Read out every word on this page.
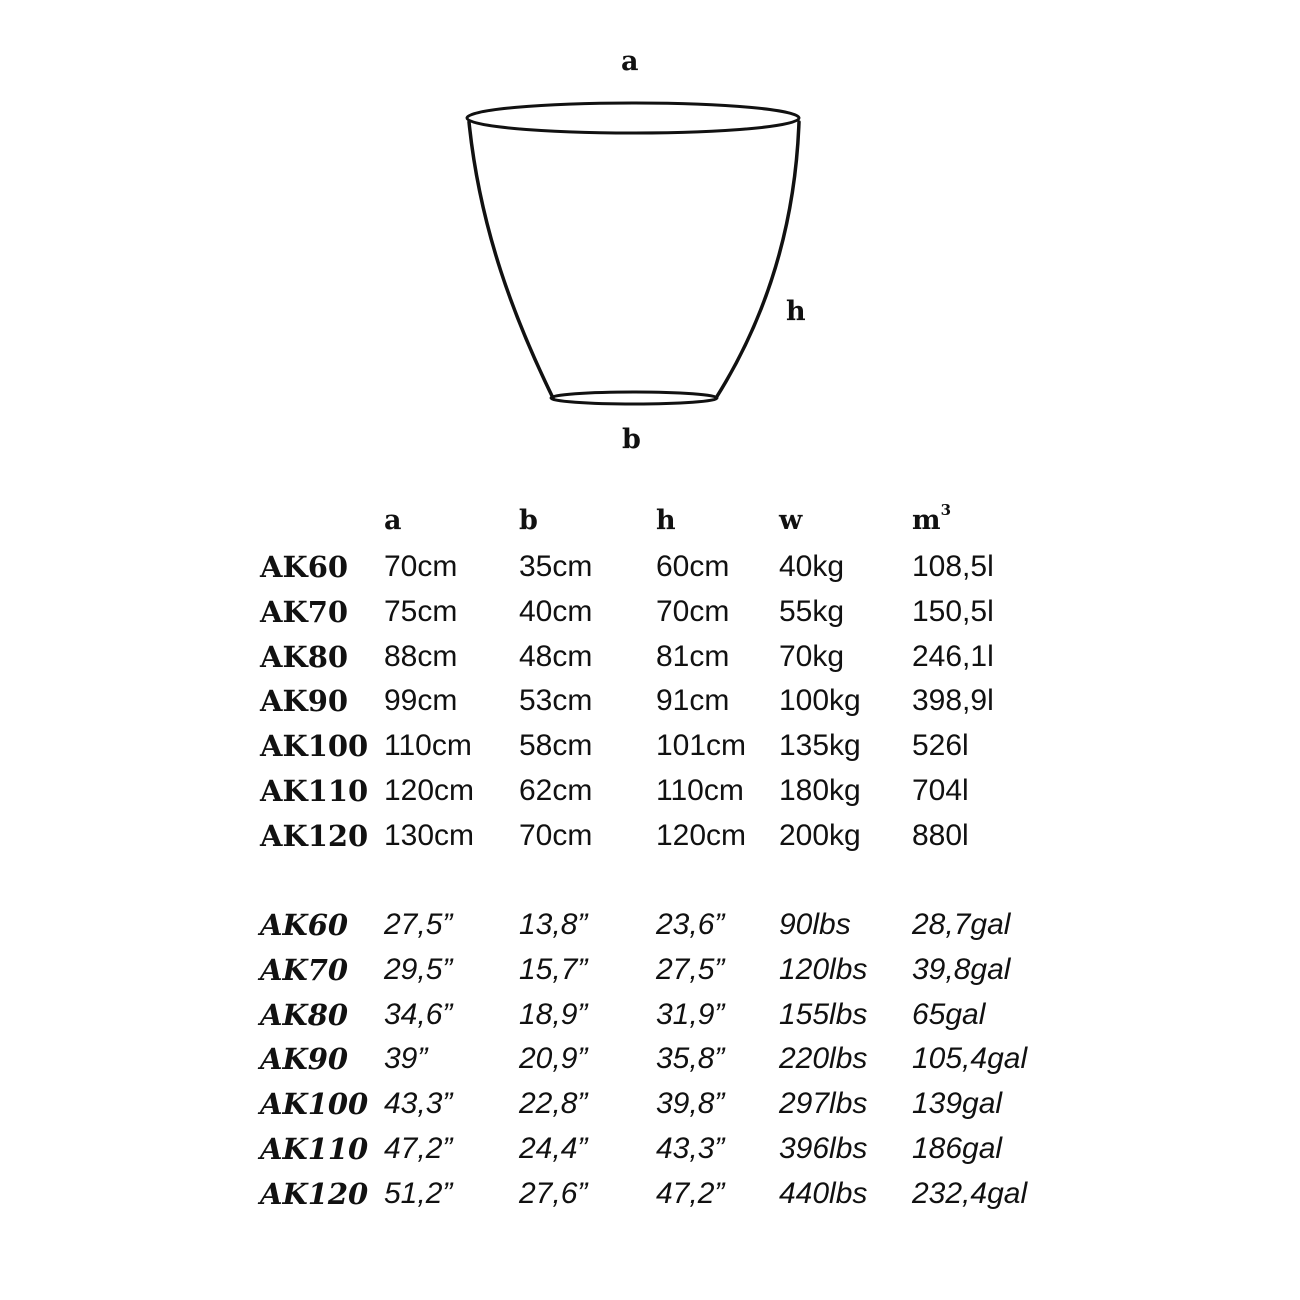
a
h
b
a	b	h	w	$m^3$
AK60 70cm 35cm 60cm 40kg 108,5l
AK70 75cm 40cm 70cm 55kg 150,5l
AK80 88cm 48cm 81cm 70kg 246,1l
AK90 99cm 53cm 91cm 100kg 398,9l
AK100 110cm 58cm 101cm 135kg 526l
AK110 120cm 62cm 110cm 180kg 704l
AK120 130cm 70cm 120cm 200kg 880l
AK60 27,5” 13,8” 23,6” 90lbs 28,7gal
AK70 29,5” 15,7” 27,5” 120lbs 39,8gal
AK80 34,6” 18,9” 31,9” 155lbs 65gal
AK90 39”	20,9” 35,8” 220lbs 105,4gal
AK100 43,3” 22,8” 39,8” 297lbs 139gal
AK110 47,2” 24,4” 43,3” 396lbs 186gal
AK120 51,2” 27,6” 47,2” 440lbs 232,4gal
